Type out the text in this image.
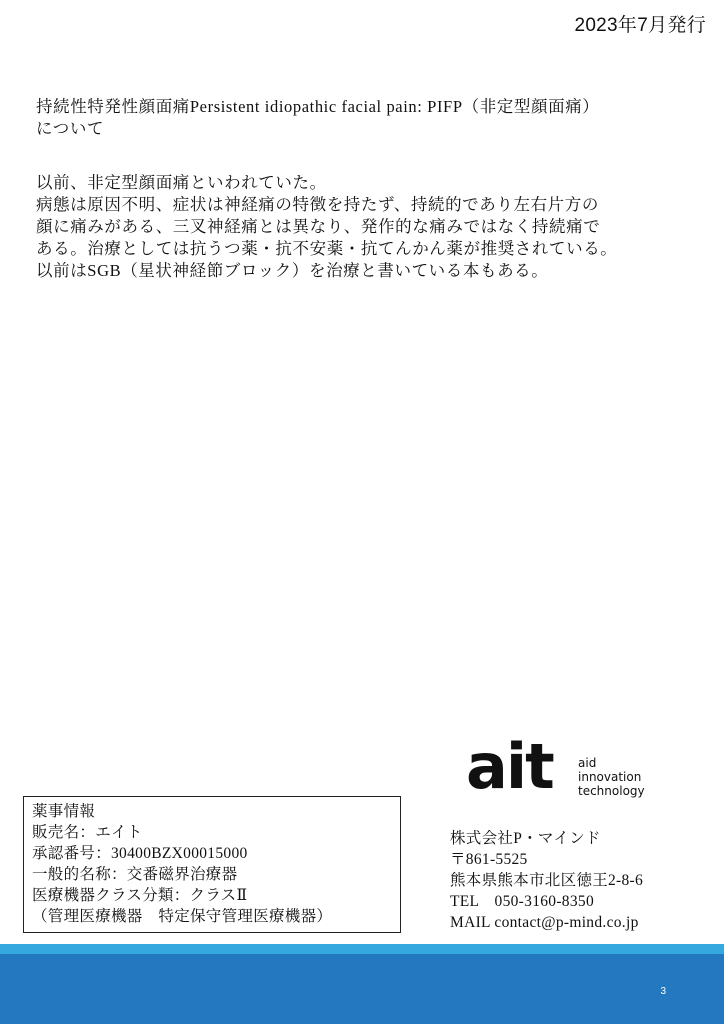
2023年7月発行

持続性特発性顔面痛Persistent idiopathic facial pain: PIFP（非定型顔面痛）

について

以前、非定型顔面痛といわれていた。

病態は原因不明、症状は神経痛の特徴を持たず、持続的であり左右片方の

顔に痛みがある、三叉神経痛とは異なり、発作的な痛みではなく持続痛で

ある。治療としては抗うつ薬・抗不安薬・抗てんかん薬が推奨されている。

以前はSGB（星状神経節ブロック）を治療と書いている本もある。

ait aid
innovation
technology
薬事情報
販売名：エイト
承認番号：30400BZX00015000
一般的名称：交番磁界治療器
医療機器クラス分類：クラスⅡ
（管理医療機器　特定保守管理医療機器）
株式会社P・マインド
〒861-5525
熊本県熊本市北区徳王2-8-6
TEL　050-3160-8350
MAIL contact@p-mind.co.jp
3
